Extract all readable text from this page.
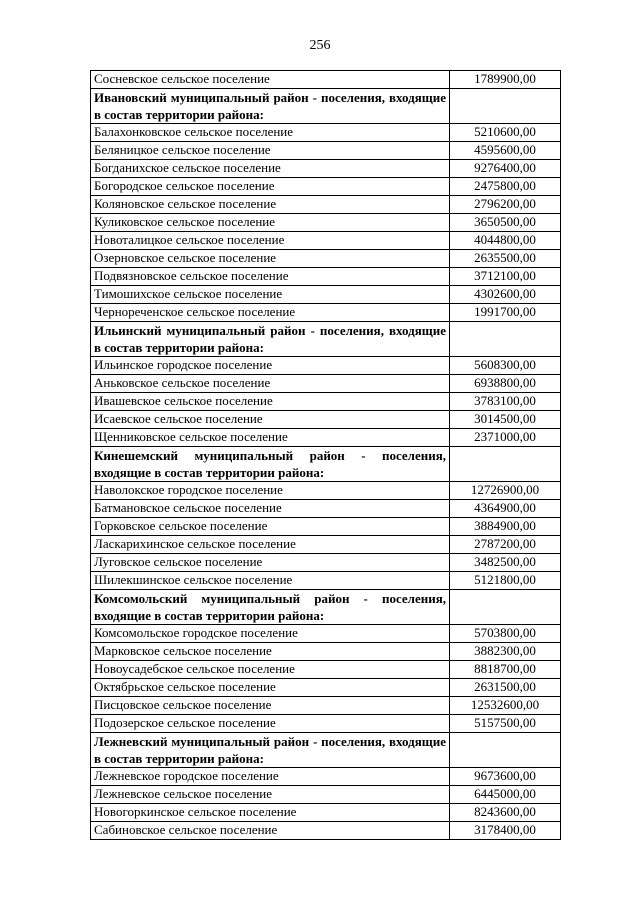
256
Сосневское сельское поселение	1789900,00
Ивановский муниципальный район - поселения, входящие в состав территории района:	
Балахонковское сельское поселение	5210600,00
Беляницкое сельское поселение	4595600,00
Богданихское сельское поселение	9276400,00
Богородское сельское поселение	2475800,00
Коляновское сельское поселение	2796200,00
Куликовское сельское поселение	3650500,00
Новоталицкое сельское поселение	4044800,00
Озерновское сельское поселение	2635500,00
Подвязновское сельское поселение	3712100,00
Тимошихское сельское поселение	4302600,00
Чернореченское сельское поселение	1991700,00
Ильинский муниципальный район - поселения, входящие в состав территории района:	
Ильинское городское поселение	5608300,00
Аньковское сельское поселение	6938800,00
Ивашевское сельское поселение	3783100,00
Исаевское сельское поселение	3014500,00
Щенниковское сельское поселение	2371000,00
Кинешемский муниципальный район - поселения, входящие в состав территории района:	
Наволокское городское поселение	12726900,00
Батмановское сельское поселение	4364900,00
Горковское сельское поселение	3884900,00
Ласкарихинское сельское поселение	2787200,00
Луговское сельское поселение	3482500,00
Шилекшинское сельское поселение	5121800,00
Комсомольский муниципальный район - поселения, входящие в состав территории района:	
Комсомольское городское поселение	5703800,00
Марковское сельское поселение	3882300,00
Новоусадебское сельское поселение	8818700,00
Октябрьское сельское поселение	2631500,00
Писцовское сельское поселение	12532600,00
Подозерское сельское поселение	5157500,00
Лежневский муниципальный район - поселения, входящие в состав территории района:	
Лежневское городское поселение	9673600,00
Лежневское сельское поселение	6445000,00
Новогоркинское сельское поселение	8243600,00
Сабиновское сельское поселение	3178400,00
